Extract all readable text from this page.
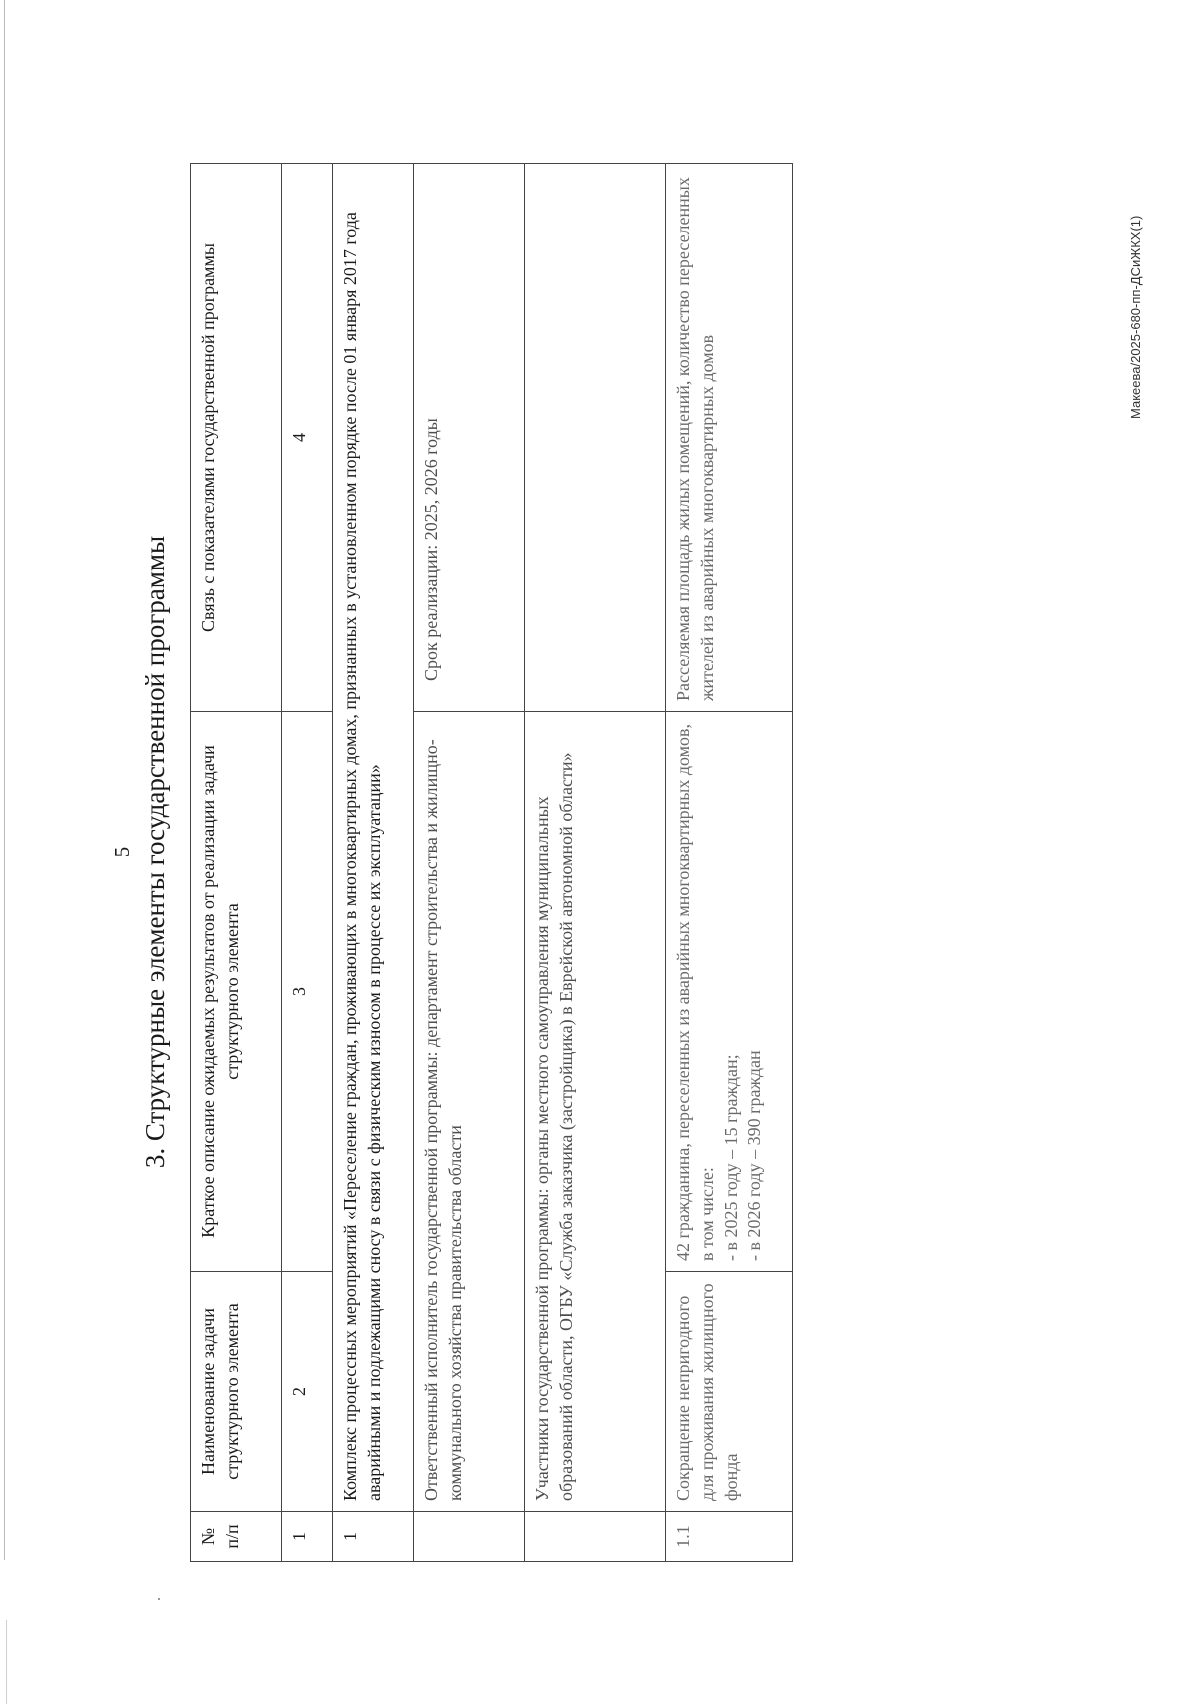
5 3. Структурные элементы государственной программы
№ п/п	Наименование задачи структурного элемента	Краткое описание ожидаемых результатов от реализации задачи структурного элемента	Связь с показателями государственной программы
1	2	3	4
1	Комплекс процессных мероприятий «Переселение граждан, проживающих в многоквартирных домах, признанных в установленном порядке после 01 января 2017 года аварийными и подлежащими сносу в связи с физическим износом в процессе их эксплуатации»		
	Ответственный исполнитель государственной программы: департамент строительства и жилищно-коммунального хозяйства правительства области		Срок реализации: 2025, 2026 годы
	Участники государственной программы: органы местного самоуправления муниципальных образований области, ОГБУ «Служба заказчика (застройщика) в Еврейской автономной области»		
1.1	Сокращение непригодного для проживания жилищного фонда	42 гражданина, переселенных из аварийных многоквартирных домов, в том числе: - в 2025 году – 15 граждан; - в 2026 году – 390 граждан	Расселяемая площадь жилых помещений, количество переселенных жителей из аварийных многоквартирных домов
Макеева/2025-680-пп-ДСиЖКХ(1)
